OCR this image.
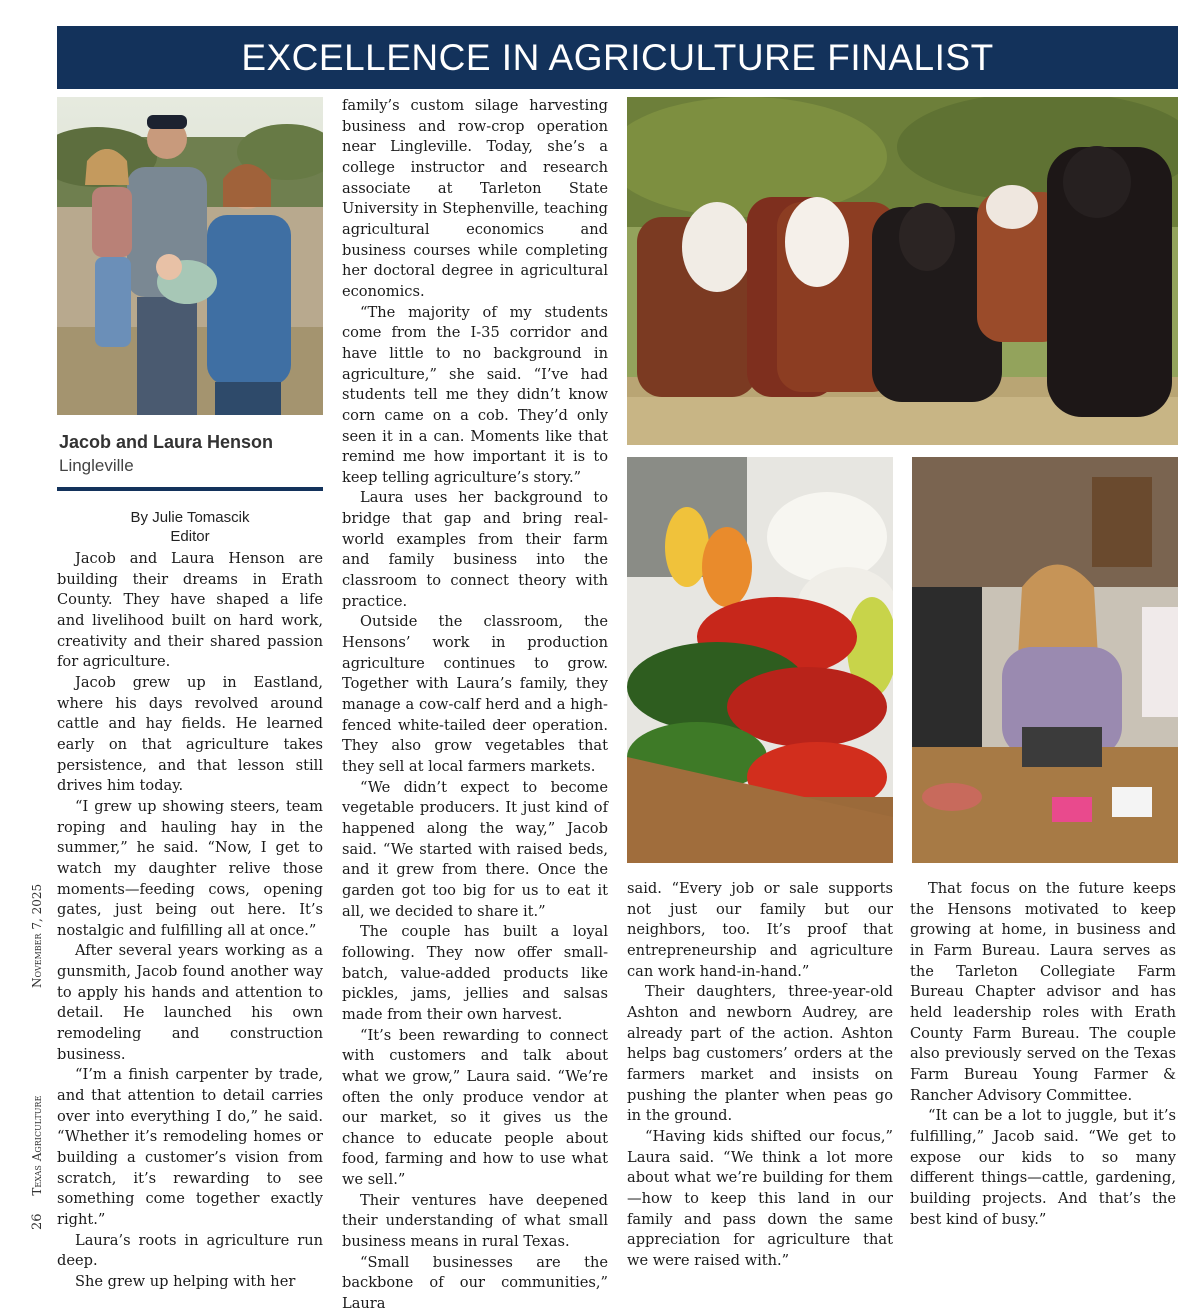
EXCELLENCE IN AGRICULTURE FINALIST
Jacob and Laura Henson
Lingleville
By Julie Tomascik
Editor

Jacob and Laura Henson are building their dreams in Erath County. They have shaped a life and livelihood built on hard work, creativity and their shared passion for agriculture.

Jacob grew up in Eastland, where his days revolved around cattle and hay fields. He learned early on that agriculture takes persistence, and that lesson still drives him today.

“I grew up showing steers, team roping and hauling hay in the summer,” he said. “Now, I get to watch my daughter relive those moments—feeding cows, opening gates, just being out here. It’s nostalgic and fulfilling all at once.”

After several years working as a gunsmith, Jacob found another way to apply his hands and attention to detail. He launched his own remodeling and construction business.

“I’m a finish carpenter by trade, and that attention to detail carries over into everything I do,” he said. “Whether it’s remodeling homes or building a customer’s vision from scratch, it’s rewarding to see something come together exactly right.”

Laura’s roots in agriculture run deep.

She grew up helping with her

family’s custom silage harvesting business and row-crop operation near Lingleville. Today, she’s a college instructor and research associate at Tarleton State University in Stephenville, teaching agricultural economics and business courses while completing her doctoral degree in agricultural economics.

“The majority of my students come from the I-35 corridor and have little to no background in agriculture,” she said. “I’ve had students tell me they didn’t know corn came on a cob. They’d only seen it in a can. Moments like that remind me how important it is to keep telling agriculture’s story.”

Laura uses her background to bridge that gap and bring real-world examples from their farm and family business into the classroom to connect theory with practice.

Outside the classroom, the Hensons’ work in production agriculture continues to grow. Together with Laura’s family, they manage a cow-calf herd and a high-fenced white-tailed deer operation. They also grow vegetables that they sell at local farmers markets.

“We didn’t expect to become vegetable producers. It just kind of happened along the way,” Jacob said. “We started with raised beds, and it grew from there. Once the garden got too big for us to eat it all, we decided to share it.”

The couple has built a loyal following. They now offer small-batch, value-added products like pickles, jams, jellies and salsas made from their own harvest.

“It’s been rewarding to connect with customers and talk about what we grow,” Laura said. “We’re often the only produce vendor at our market, so it gives us the chance to educate people about food, farming and how to use what we sell.”

Their ventures have deepened their understanding of what small business means in rural Texas.

“Small businesses are the backbone of our communities,” Laura

said. “Every job or sale supports not just our family but our neighbors, too. It’s proof that entrepreneurship and agriculture can work hand-in-hand.”

Their daughters, three-year-old Ashton and newborn Audrey, are already part of the action. Ashton helps bag customers’ orders at the farmers market and insists on pushing the planter when peas go in the ground.

“Having kids shifted our focus,” Laura said. “We think a lot more about what we’re building for them—how to keep this land in our family and pass down the same appreciation for agriculture that we were raised with.”

That focus on the future keeps the Hensons motivated to keep growing at home, in business and in Farm Bureau. Laura serves as the Tarleton Collegiate Farm Bureau Chapter advisor and has held leadership roles with Erath County Farm Bureau. The couple also previously served on the Texas Farm Bureau Young Farmer & Rancher Advisory Committee.

“It can be a lot to juggle, but it’s fulfilling,” Jacob said. “We get to expose our kids to so many different things—cattle, gardening, building projects. And that’s the best kind of busy.”

26 Texas Agriculture  November 7, 2025
